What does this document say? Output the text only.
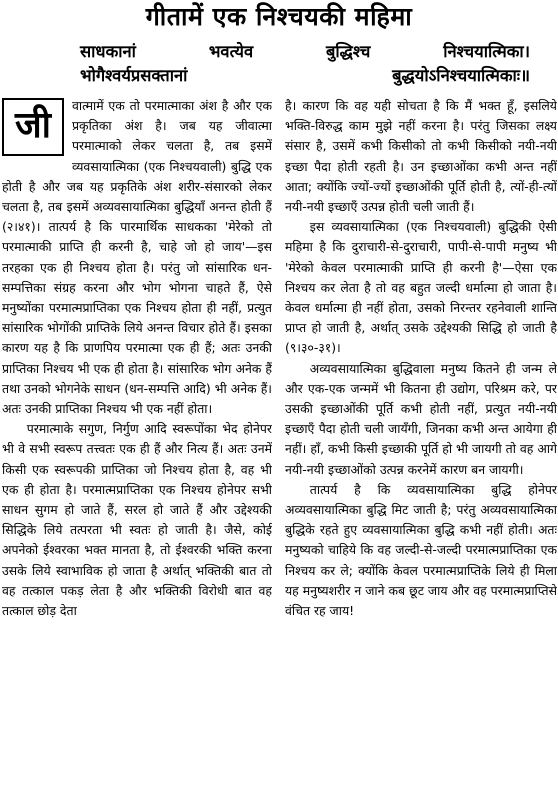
गीतामें एक निश्चयकी महिमा
साधकानां	भवत्येव	बुद्धिश्च	निश्चयात्मिका।
भोगैश्वर्यप्रसक्तानां	बुद्धयोऽनिश्चयात्मिकाः॥
जी	वात्मामें एक तो परमात्माका अंश है और एक प्रकृतिका अंश है। जब यह जीवात्मा परमात्माको लेकर चलता है, तब इसमें व्यवसायात्मिका (एक निश्चयवाली) बुद्धि एक होती है और जब यह प्रकृतिके अंश शरीर-संसारको लेकर चलता है, तब इसमें अव्यवसायात्मिका बुद्धियाँ अनन्त होती हैं (२।४१)। तात्पर्य है कि पारमार्थिक साधकका 'मेरेको तो परमात्माकी प्राप्ति ही करनी है, चाहे जो हो जाय'—इस तरहका एक ही निश्चय होता है। परंतु जो सांसारिक धन-सम्पत्तिका संग्रह करना और भोग भोगना चाहते हैं, ऐसे मनुष्योंका परमात्मप्राप्तिका एक निश्चय होता ही नहीं, प्रत्युत सांसारिक भोगोंकी प्राप्तिके लिये अनन्त विचार होते हैं। इसका कारण यह है कि प्राणपिय परमात्मा एक ही हैं; अतः उनकी प्राप्तिका निश्चय भी एक ही होता है। सांसारिक भोग अनेक हैं तथा उनको भोगनेके साधन (धन-सम्पत्ति आदि) भी अनेक हैं। अतः उनकी प्राप्तिका निश्चय भी एक नहीं होता।

परमात्माके सगुण, निर्गुण आदि स्वरूपोंका भेद होनेपर भी वे सभी स्वरूप तत्त्वतः एक ही हैं और नित्य हैं। अतः उनमें किसी एक स्वरूपकी प्राप्तिका जो निश्चय होता है, वह भी एक ही होता है। परमात्मप्राप्तिका एक निश्चय होनेपर सभी साधन सुगम हो जाते हैं, सरल हो जाते हैं और उद्देश्यकी सिद्धिके लिये तत्परता भी स्वतः हो जाती है। जैसे, कोई अपनेको ईश्वरका भक्त मानता है, तो ईश्वरकी भक्ति करना उसके लिये स्वाभाविक हो जाता है अर्थात् भक्तिकी बात तो वह तत्काल पकड़ लेता है और भक्तिकी विरोधी बात वह तत्काल छोड़ देता

है। कारण कि वह यही सोचता है कि मैं भक्त हूँ, इसलिये भक्ति-विरुद्ध काम मुझे नहीं करना है। परंतु जिसका लक्ष्य संसार है, उसमें कभी किसीको तो कभी किसीको नयी-नयी इच्छा पैदा होती रहती है। उन इच्छाओंका कभी अन्त नहीं आता; क्योंकि ज्यों-ज्यों इच्छाओंकी पूर्ति होती है, त्यों-ही-त्यों नयी-नयी इच्छाएँ उत्पन्न होती चली जाती हैं।

इस व्यवसायात्मिका (एक निश्चयवाली) बुद्धिकी ऐसी महिमा है कि दुराचारी-से-दुराचारी, पापी-से-पापी मनुष्य भी 'मेरेको केवल परमात्माकी प्राप्ति ही करनी है'—ऐसा एक निश्चय कर लेता है तो वह बहुत जल्दी धर्मात्मा हो जाता है। केवल धर्मात्मा ही नहीं होता, उसको निरन्तर रहनेवाली शान्ति प्राप्त हो जाती है, अर्थात् उसके उद्देश्यकी सिद्धि हो जाती है (९।३०-३१)।

अव्यवसायात्मिका बुद्धिवाला मनुष्य कितने ही जन्म ले और एक-एक जन्ममें भी कितना ही उद्योग, परिश्रम करे, पर उसकी इच्छाओंकी पूर्ति कभी होती नहीं, प्रत्युत नयी-नयी इच्छाएँ पैदा होती चली जायँगी, जिनका कभी अन्त आयेगा ही नहीं। हाँ, कभी किसी इच्छाकी पूर्ति हो भी जायगी तो वह आगे नयी-नयी इच्छाओंको उत्पन्न करनेमें कारण बन जायगी।

तात्पर्य है कि व्यवसायात्मिका बुद्धि होनेपर अव्यवसायात्मिका बुद्धि मिट जाती है; परंतु अव्यवसायात्मिका बुद्धिके रहते हुए व्यवसायात्मिका बुद्धि कभी नहीं होती। अतः मनुष्यको चाहिये कि वह जल्दी-से-जल्दी परमात्मप्राप्तिका एक निश्चय कर ले; क्योंकि केवल परमात्मप्राप्तिके लिये ही मिला यह मनुष्यशरीर न जाने कब छूट जाय और वह परमात्मप्राप्तिसे वंचित रह जाय!
